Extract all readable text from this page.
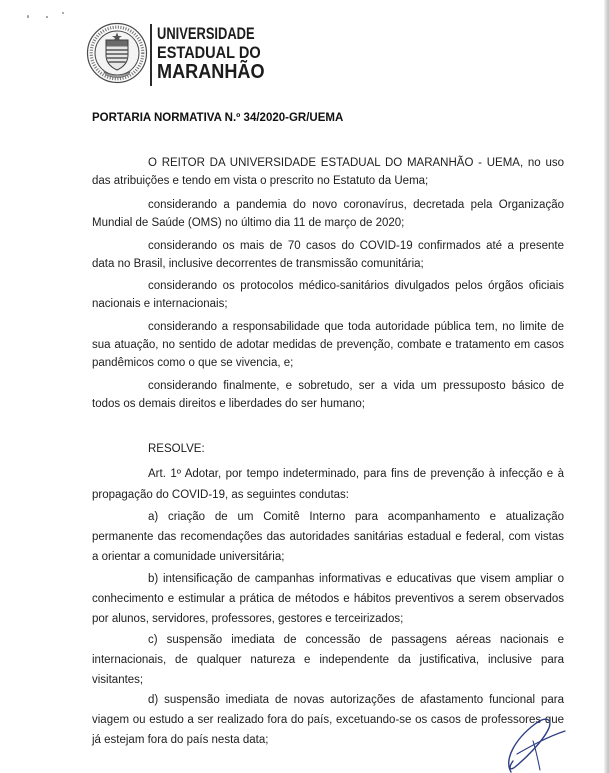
UNIVERSIDADE
ESTADUAL DO
MARANHÃO
PORTARIA NORMATIVA N.º 34/2020-GR/UEMA
O REITOR DA UNIVERSIDADE ESTADUAL DO MARANHÃO - UEMA, no uso
das atribuições e tendo em vista o prescrito no Estatuto da Uema;
considerando a pandemia do novo coronavírus, decretada pela Organização
Mundial de Saúde (OMS) no último dia 11 de março de 2020;
considerando os mais de 70 casos do COVID-19 confirmados até a presente
data no Brasil, inclusive decorrentes de transmissão comunitária;
considerando os protocolos médico-sanitários divulgados pelos órgãos oficiais
nacionais e internacionais;
considerando a responsabilidade que toda autoridade pública tem, no limite de
sua atuação, no sentido de adotar medidas de prevenção, combate e tratamento em casos
pandêmicos como o que se vivencia, e;
considerando finalmente, e sobretudo, ser a vida um pressuposto básico de
todos os demais direitos e liberdades do ser humano;
RESOLVE:
Art. 1º Adotar, por tempo indeterminado, para fins de prevenção à infecção e à
propagação do COVID-19, as seguintes condutas:
a) criação de um Comitê Interno para acompanhamento e atualização
permanente das recomendações das autoridades sanitárias estadual e federal, com vistas
a orientar a comunidade universitária;
b) intensificação de campanhas informativas e educativas que visem ampliar o
conhecimento e estimular a prática de métodos e hábitos preventivos a serem observados
por alunos, servidores, professores, gestores e terceirizados;
c) suspensão imediata de concessão de passagens aéreas nacionais e
internacionais, de qualquer natureza e independente da justificativa, inclusive para
visitantes;
d) suspensão imediata de novas autorizações de afastamento funcional para
viagem ou estudo a ser realizado fora do país, excetuando-se os casos de professores que
já estejam fora do país nesta data;
